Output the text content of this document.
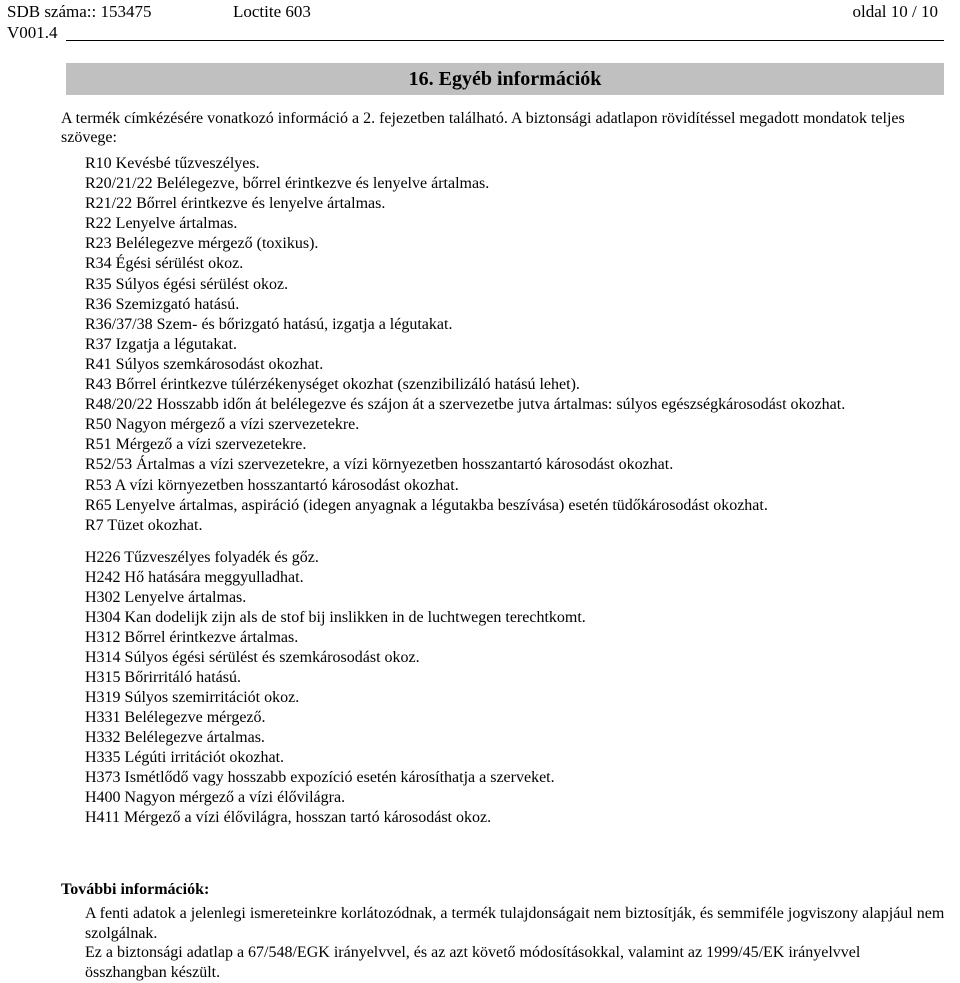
SDB száma:: 153475	Loctite 603	oldal 10 / 10
V001.4
16. Egyéb információk
A termék címkézésére vonatkozó információ a 2. fejezetben található. A biztonsági adatlapon rövidítéssel megadott mondatok teljes szövege:
R10 Kevésbé tűzveszélyes.
R20/21/22 Belélegezve, bőrrel érintkezve és lenyelve ártalmas.
R21/22 Bőrrel érintkezve és lenyelve ártalmas.
R22 Lenyelve ártalmas.
R23 Belélegezve mérgező (toxikus).
R34 Égési sérülést okoz.
R35 Súlyos égési sérülést okoz.
R36 Szemizgató hatású.
R36/37/38 Szem- és bőrizgató hatású, izgatja a légutakat.
R37 Izgatja a légutakat.
R41 Súlyos szemkárosodást okozhat.
R43 Bőrrel érintkezve túlérzékenységet okozhat (szenzibilizáló hatású lehet).
R48/20/22 Hosszabb időn át belélegezve és szájon át a szervezetbe jutva ártalmas: súlyos egészségkárosodást okozhat.
R50 Nagyon mérgező a vízi szervezetekre.
R51 Mérgező a vízi szervezetekre.
R52/53 Ártalmas a vízi szervezetekre, a vízi környezetben hosszantartó károsodást okozhat.
R53 A vízi környezetben hosszantartó károsodást okozhat.
R65 Lenyelve ártalmas, aspiráció (idegen anyagnak a légutakba beszívása) esetén tüdőkárosodást okozhat.
R7 Tüzet okozhat.
H226 Tűzveszélyes folyadék és gőz.
H242 Hő hatására meggyulladhat.
H302 Lenyelve ártalmas.
H304 Kan dodelijk zijn als de stof bij inslikken in de luchtwegen terechtkomt.
H312 Bőrrel érintkezve ártalmas.
H314 Súlyos égési sérülést és szemkárosodást okoz.
H315 Bőrirritáló hatású.
H319 Súlyos szemirritációt okoz.
H331 Belélegezve mérgező.
H332 Belélegezve ártalmas.
H335 Légúti irritációt okozhat.
H373 Ismétlődő vagy hosszabb expozíció esetén károsíthatja a szerveket.
H400 Nagyon mérgező a vízi élővilágra.
H411 Mérgező a vízi élővilágra, hosszan tartó károsodást okoz.
További információk:

A fenti adatok a jelenlegi ismereteinkre korlátozódnak, a termék tulajdonságait nem biztosítják, és semmiféle jogviszony alapjául nem szolgálnak.

Ez a biztonsági adatlap a 67/548/EGK irányelvvel, és az azt követő módosításokkal, valamint az 1999/45/EK irányelvvel összhangban készült.
